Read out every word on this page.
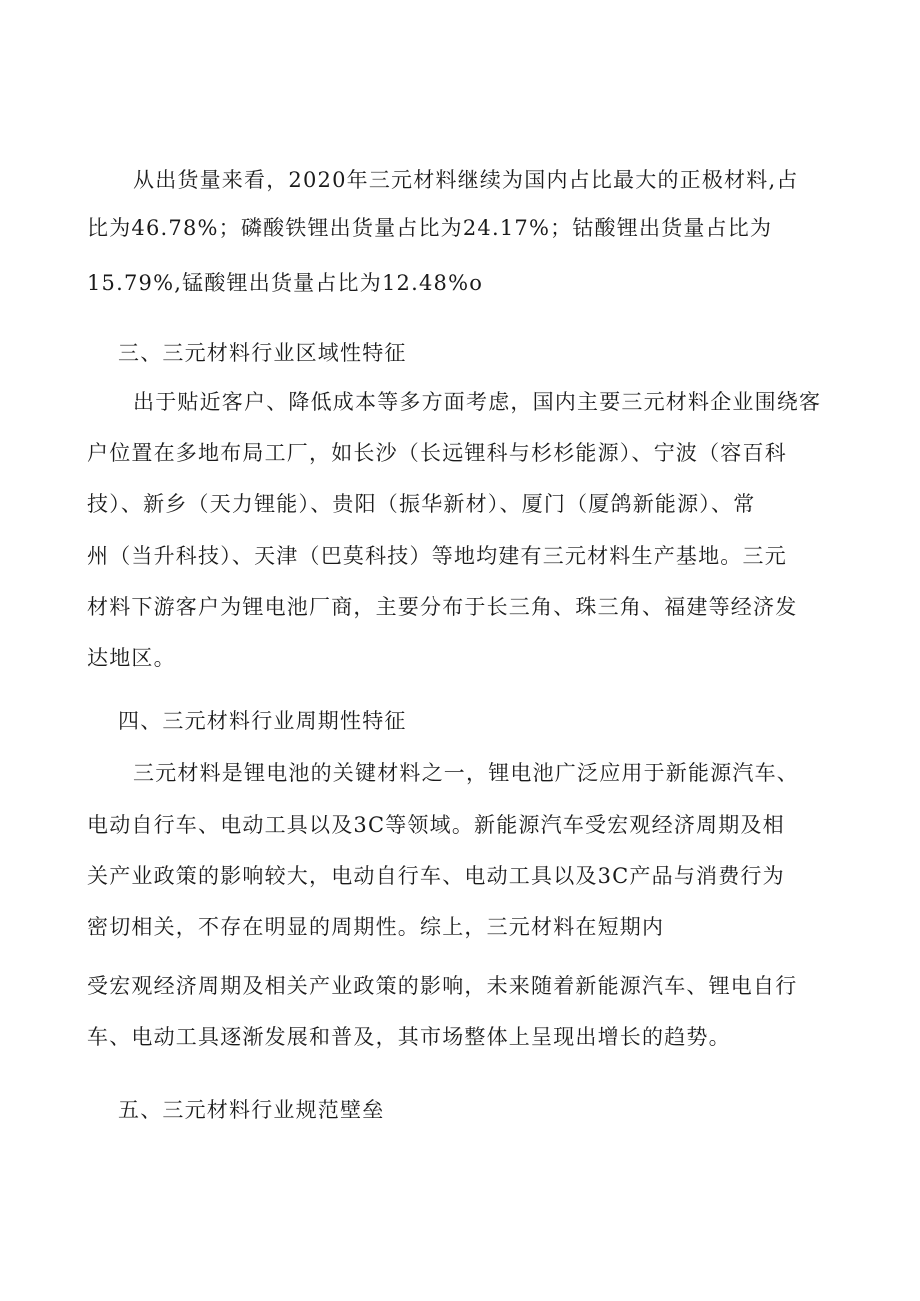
从出货量来看，2020年三元材料继续为国内占比最大的正极材料,占
比为46.78%；磷酸铁锂出货量占比为24.17%；钴酸锂出货量占比为
15.79%,锰酸锂出货量占比为12.48%o
三、三元材料行业区域性特征
出于贴近客户、降低成本等多方面考虑，国内主要三元材料企业围绕客
户位置在多地布局工厂，如长沙（长远锂科与杉杉能源）、宁波（容百科
技）、新乡（天力锂能）、贵阳（振华新材）、厦门（厦鸽新能源）、常
州（当升科技）、天津（巴莫科技）等地均建有三元材料生产基地。三元
材料下游客户为锂电池厂商，主要分布于长三角、珠三角、福建等经济发
达地区。
四、三元材料行业周期性特征
三元材料是锂电池的关键材料之一，锂电池广泛应用于新能源汽车、
电动自行车、电动工具以及3C等领域。新能源汽车受宏观经济周期及相
关产业政策的影响较大，电动自行车、电动工具以及3C产品与消费行为
密切相关，不存在明显的周期性。综上，三元材料在短期内
受宏观经济周期及相关产业政策的影响，未来随着新能源汽车、锂电自行
车、电动工具逐渐发展和普及，其市场整体上呈现出增长的趋势。
五、三元材料行业规范壁垒
